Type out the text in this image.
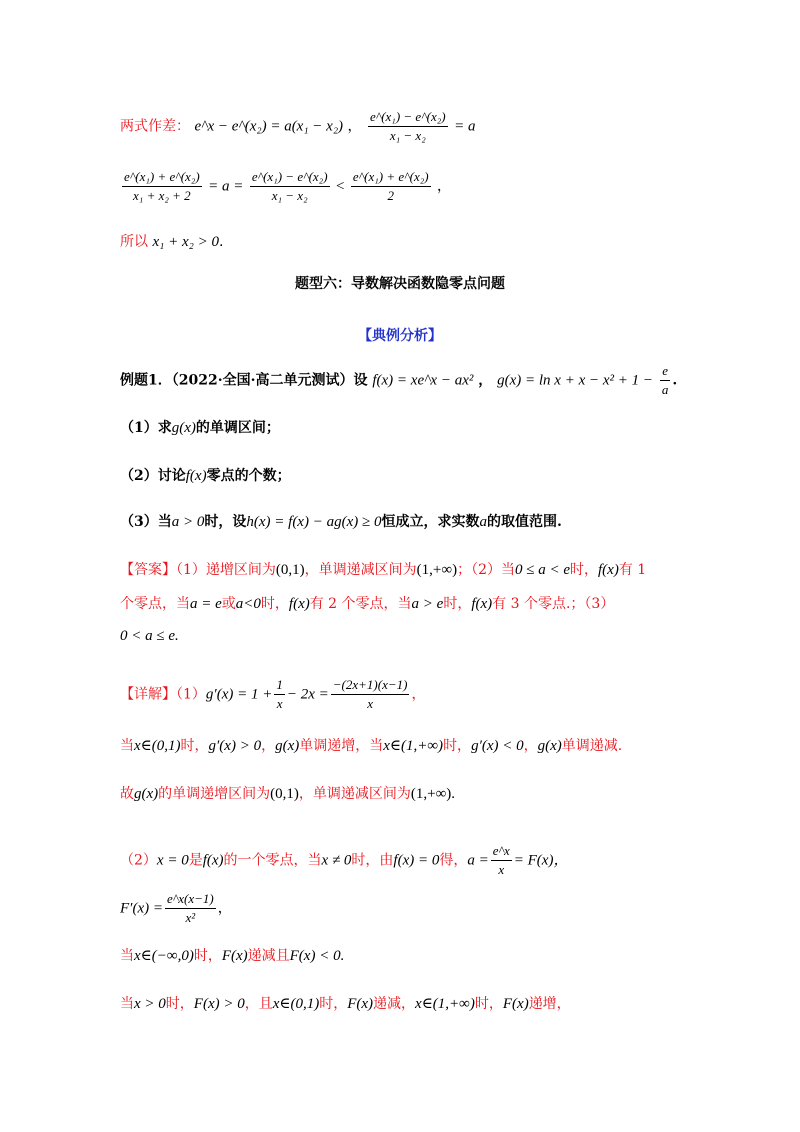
两式作差： e^x − e^(x₂) = a(x₁ − x₂) ， $\frac{\text{e\textasciicircum{}(x₁) − e\textasciicircum{}(x₂)}}{\text{x₁ − x₂}} = a$
$\frac{\text{e\textasciicircum{}(x₁) + e\textasciicircum{}(x₂)}}{\text{x₁ + x₂ + 2}} = a = \frac{\text{e\textasciicircum{}(x₁) − e\textasciicircum{}(x₂)}}{\text{x₁ − x₂}} < \frac{\text{e\textasciicircum{}(x₁) + e\textasciicircum{}(x₂)}}{2}$ ，
所以 x₁ + x₂ > 0.
题型六：导数解决函数隐零点问题
【典例分析】
例题1．（2022·全国·高二单元测试）设 f(x) = xe^x − ax² ， $g(x) = \ln x + x - x^2 + 1 - \frac{e}{a}$ .
（1）求g(x)的单调区间；
（2）讨论f(x)零点的个数；
（3）当a > 0时，设h(x) = f(x) − ag(x) ≥ 0恒成立，求实数a的取值范围.
【答案】（1）递增区间为(0,1)，单调递减区间为(1,+∞)；（2）当0 ≤ a < e时，f(x)有 1
个零点，当a = e或a<0时，f(x)有 2 个零点，当a > e时，f(x)有 3 个零点.；（3）
0 < a ≤ e.
【详解】$(1)g'(x) = 1 + \frac{1}{x} - 2x = \frac{-(2x+1)(x-1)}{x}$ ，
当x∈(0,1)时，g′(x) > 0，g(x)单调递增，当x∈(1,+∞)时，g′(x) < 0，g(x)单调递减.
故g(x)的单调递增区间为(0,1)，单调递减区间为(1,+∞).
（2）x = 0是f(x)的一个零点，当x ≠ 0时，由f(x) = 0得，$a = \frac{e\^{}x}{x} = F(x)$，
$F'(x) = \frac{e\^{}x(x-1)}{\text{x²}}$ ，
当x∈(−∞,0)时，F(x)递减且F(x) < 0.
当x > 0时，F(x) > 0，且x∈(0,1)时，F(x)递减，x∈(1,+∞)时，F(x)递增，
